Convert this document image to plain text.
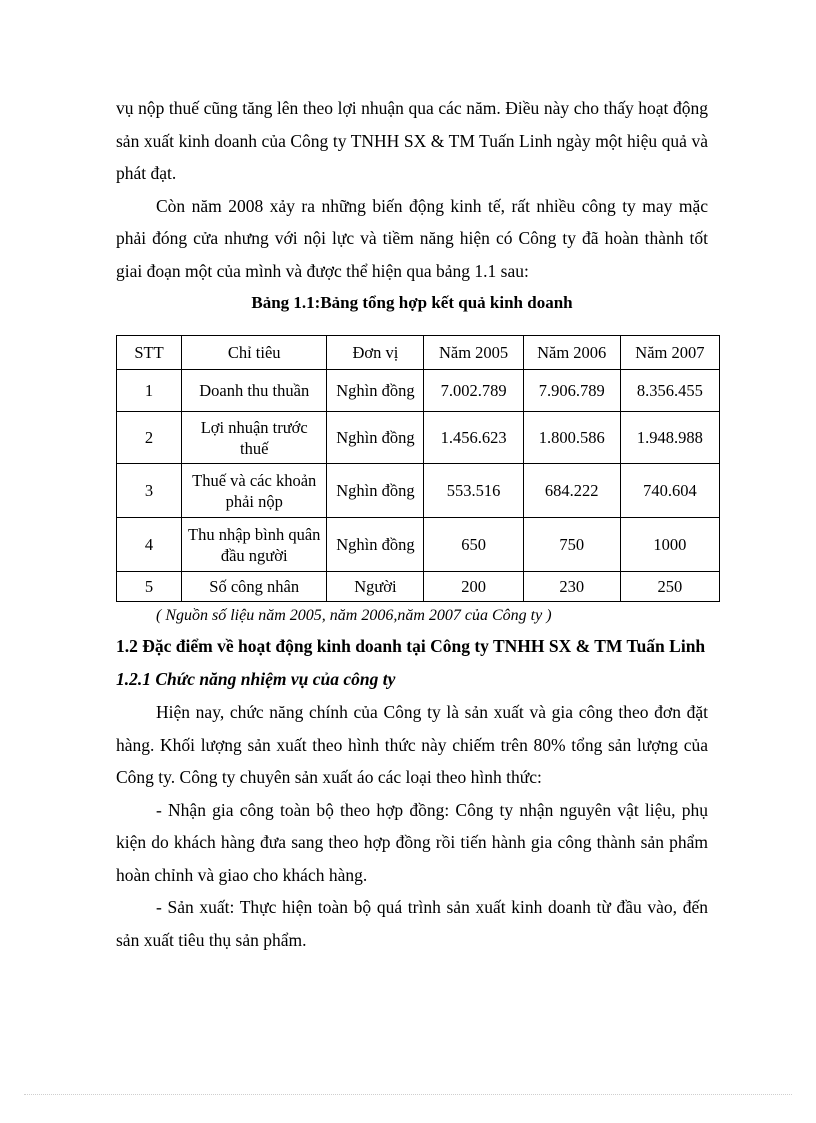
vụ nộp thuế cũng tăng lên theo lợi nhuận qua các năm. Điều này cho thấy hoạt động sản xuất kinh doanh của Công ty TNHH SX & TM Tuấn Linh ngày một hiệu quả và phát đạt.

Còn năm 2008 xảy ra những biến động kinh tế, rất nhiều công ty may mặc phải đóng cửa nhưng với nội lực và tiềm năng hiện có Công ty đã hoàn thành tốt giai đoạn một của mình và được thể hiện qua bảng 1.1 sau:

Bảng 1.1:Bảng tổng hợp kết quả kinh doanh
STT	Chỉ tiêu	Đơn vị	Năm 2005	Năm 2006	Năm 2007
1	Doanh thu thuần	Nghìn đồng	7.002.789	7.906.789	8.356.455
2	Lợi nhuận trước thuế	Nghìn đồng	1.456.623	1.800.586	1.948.988
3	Thuế và các khoản phải nộp	Nghìn đồng	553.516	684.222	740.604
4	Thu nhập bình quân đầu người	Nghìn đồng	650	750	1000
5	Số công nhân	Người	200	230	250
( Nguồn số liệu năm 2005, năm 2006,năm 2007 của Công ty )
1.2 Đặc điểm về hoạt động kinh doanh tại Công ty TNHH SX & TM Tuấn Linh
1.2.1 Chức năng nhiệm vụ của công ty

Hiện nay, chức năng chính của Công ty là sản xuất và gia công theo đơn đặt hàng. Khối lượng sản xuất theo hình thức này chiếm trên 80% tổng sản lượng của Công ty. Công ty chuyên sản xuất áo các loại theo hình thức:

- Nhận gia công toàn bộ theo hợp đồng: Công ty nhận nguyên vật liệu, phụ kiện do khách hàng đưa sang theo hợp đồng rồi tiến hành gia công thành sản phẩm hoàn chỉnh và giao cho khách hàng.

- Sản xuất: Thực hiện toàn bộ quá trình sản xuất kinh doanh từ đầu vào, đến sản xuất tiêu thụ sản phẩm.
